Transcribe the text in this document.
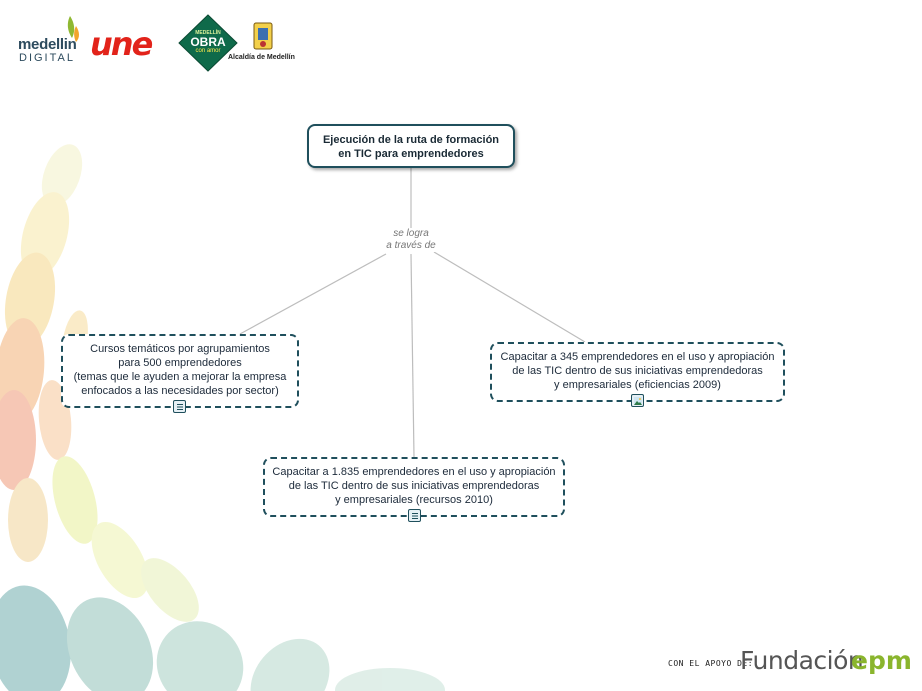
medellin
DIGITAL une	MEDELLÍN
OBRA
con amor
Alcaldía de Medellín
Ejecución de la ruta de formación
en TIC para emprendedores
se logra
a través de
Cursos temáticos por agrupamientos
para 500 emprendedores
(temas que le ayuden a mejorar la empresa
enfocados a las necesidades por sector)
Capacitar a 345 emprendedores en el uso y apropiación
de las TIC dentro de sus iniciativas emprendedoras
y empresariales (eficiencias 2009)
Capacitar a 1.835 emprendedores en el uso y apropiación
de las TIC dentro de sus iniciativas emprendedoras
y empresariales (recursos 2010)
CON EL APOYO DE:
Fundación
epm
